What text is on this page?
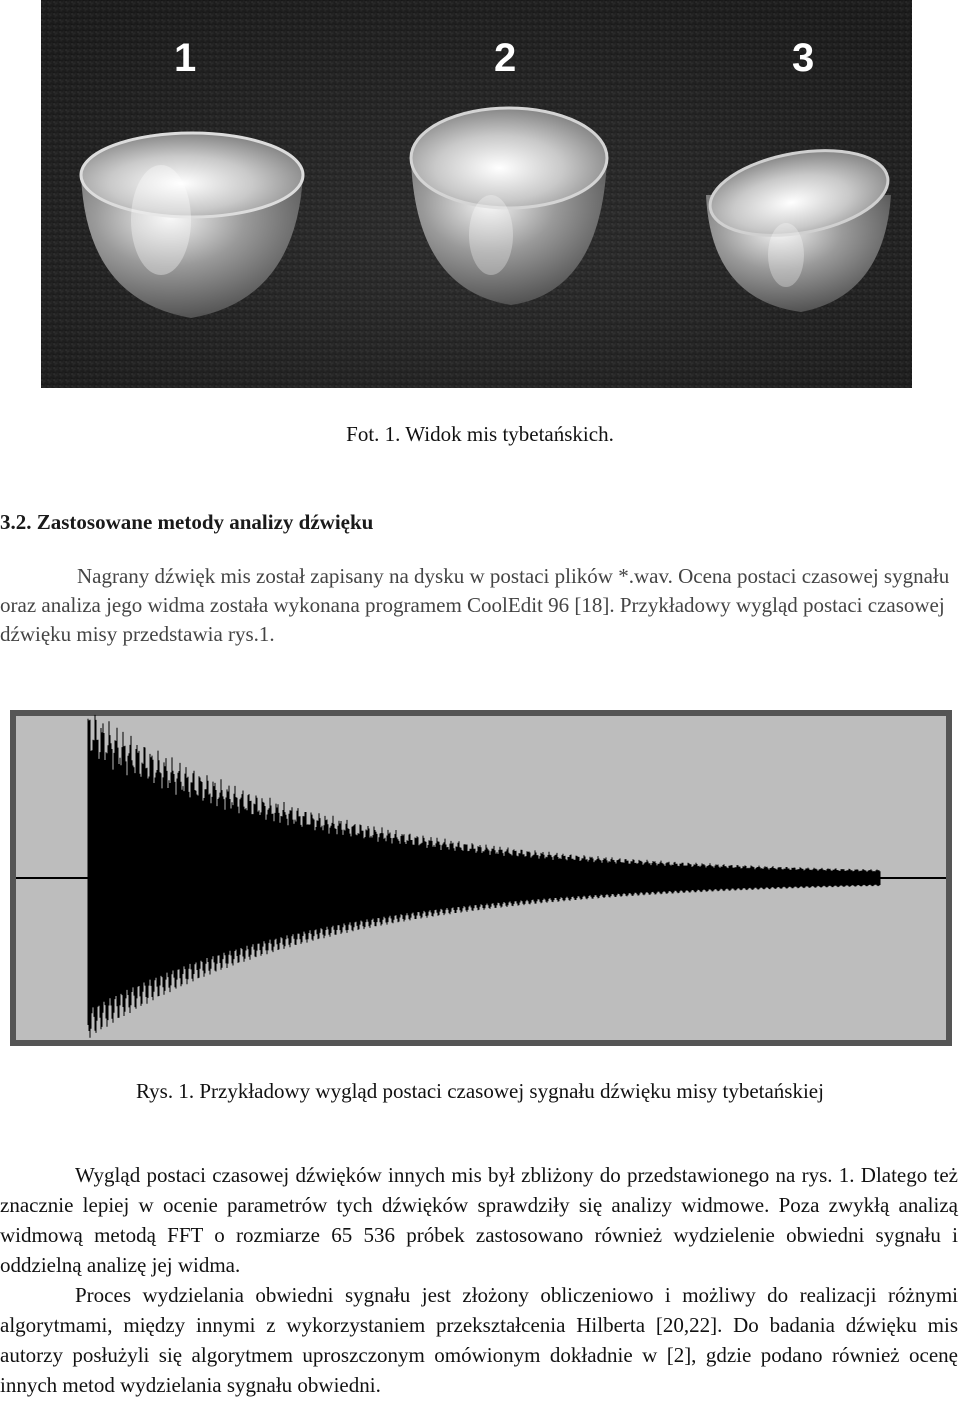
1	2	3
Fot. 1. Widok mis tybetańskich.
3.2. Zastosowane metody analizy dźwięku

Nagrany dźwięk mis został zapisany na dysku w postaci plików *.wav. Ocena postaci czasowej sygnału oraz analiza jego widma została wykonana programem CoolEdit 96 [18]. Przykładowy wygląd postaci czasowej dźwięku misy przedstawia rys.1.

Rys. 1. Przykładowy wygląd postaci czasowej sygnału dźwięku misy tybetańskiej

Wygląd postaci czasowej dźwięków innych mis był zbliżony do przedstawionego na rys. 1. Dlatego też znacznie lepiej w ocenie parametrów tych dźwięków sprawdziły się analizy widmowe. Poza zwykłą analizą widmową metodą FFT o rozmiarze 65 536 próbek zastosowano również wydzielenie obwiedni sygnału i oddzielną analizę jej widma.

Proces wydzielania obwiedni sygnału jest złożony obliczeniowo i możliwy do realizacji różnymi algorytmami, między innymi z wykorzystaniem przekształcenia Hilberta [20,22]. Do badania dźwięku mis autorzy posłużyli się algorytmem uproszczonym omówionym dokładnie w [2], gdzie podano również ocenę innych metod wydzielania sygnału obwiedni.
